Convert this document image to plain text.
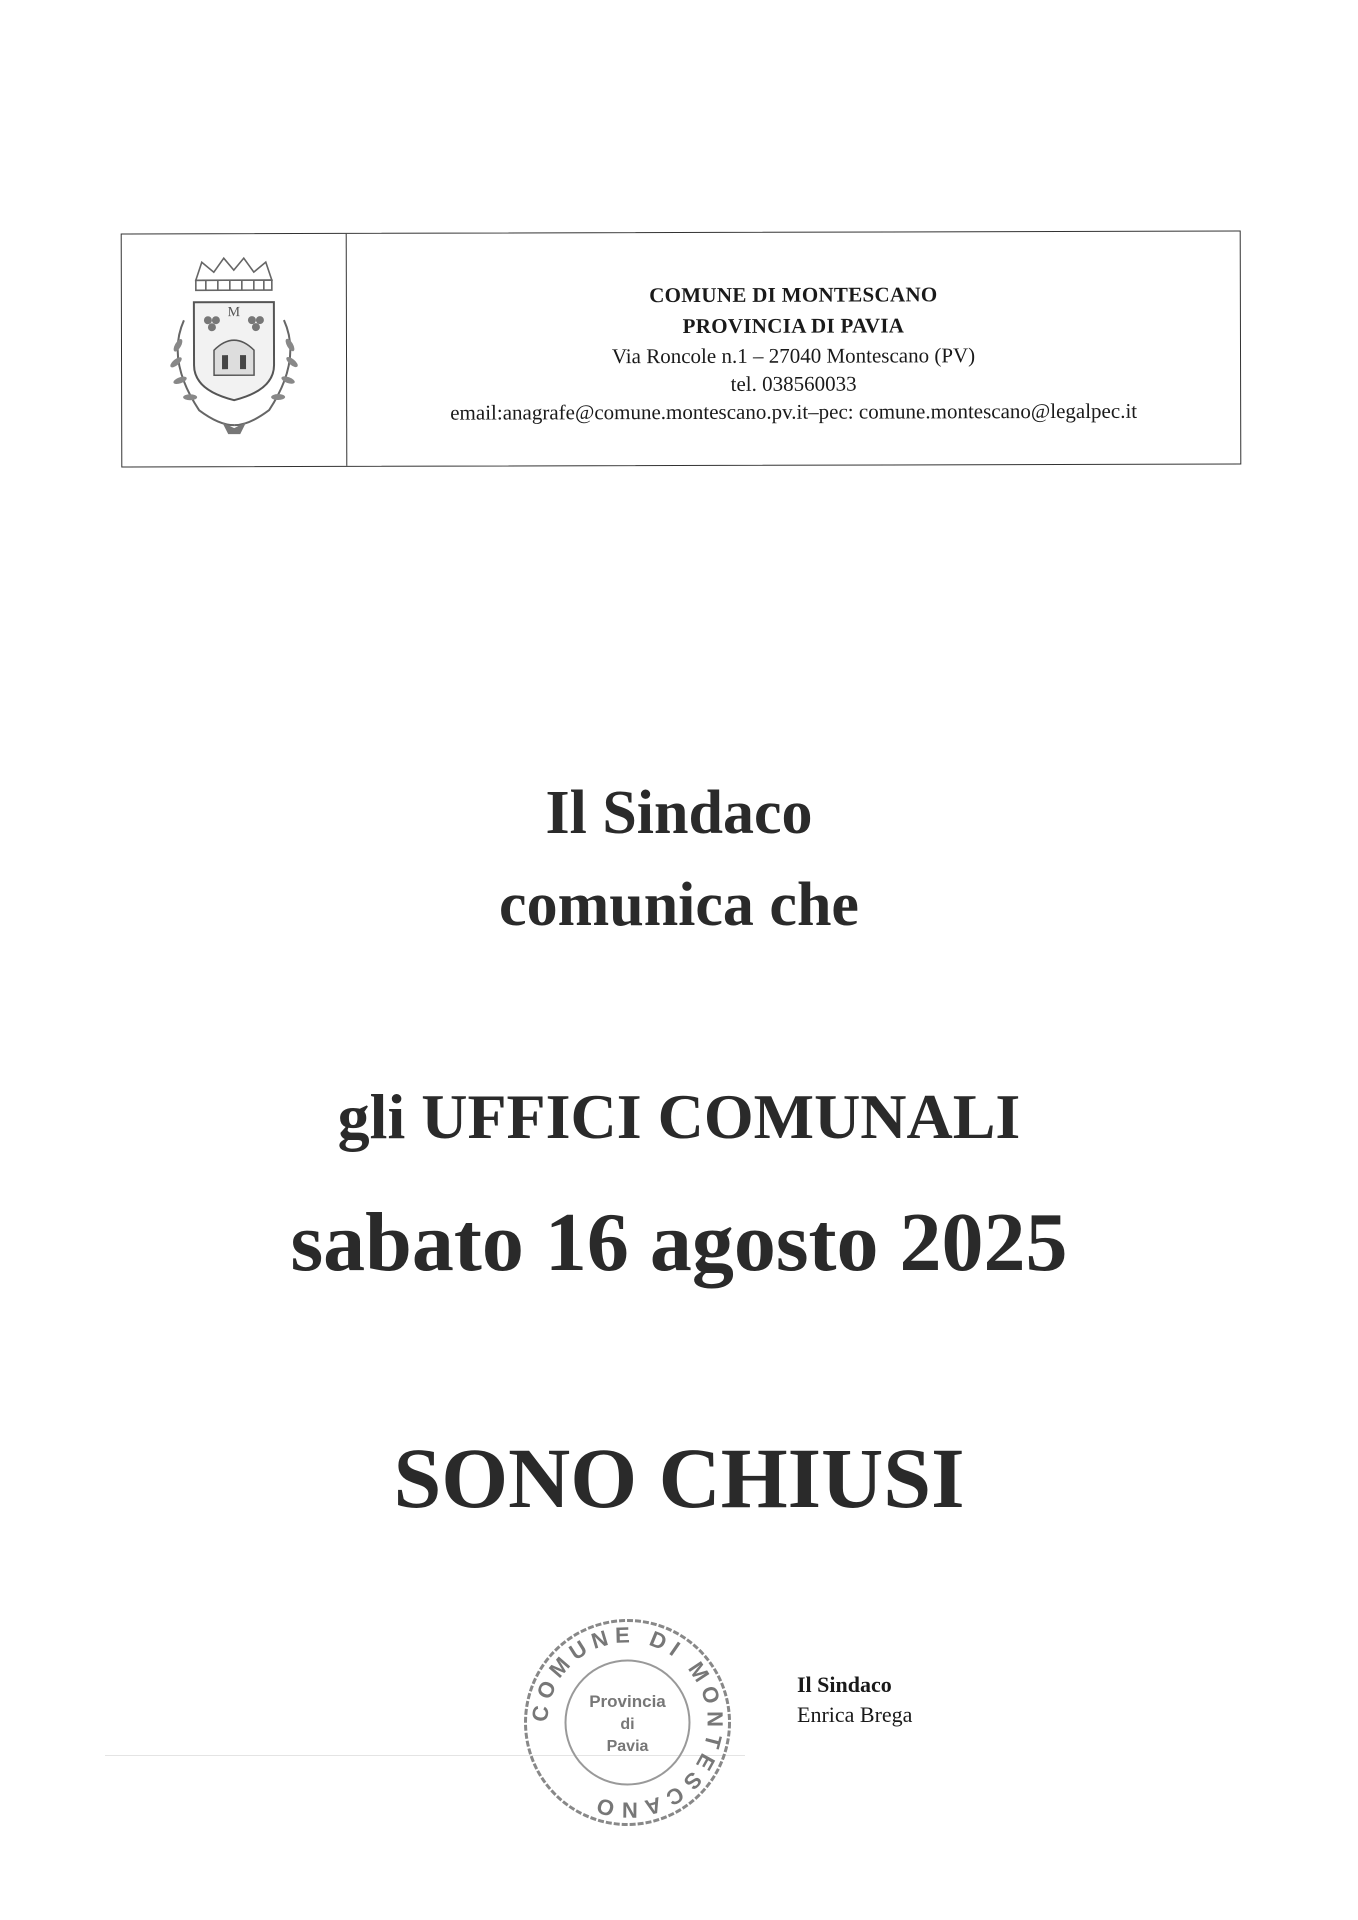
M
COMUNE DI MONTESCANO
PROVINCIA DI PAVIA
Via Roncole n.1 – 27040 Montescano (PV)
tel. 038560033
email:anagrafe@comune.montescano.pv.it–pec: comune.montescano@legalpec.it
Il Sindaco
comunica che
gli UFFICI COMUNALI
sabato 16 agosto 2025
SONO CHIUSI
COMUNE DI MONTESCANO
Provincia
di
Pavia
Il Sindaco
Enrica Brega
